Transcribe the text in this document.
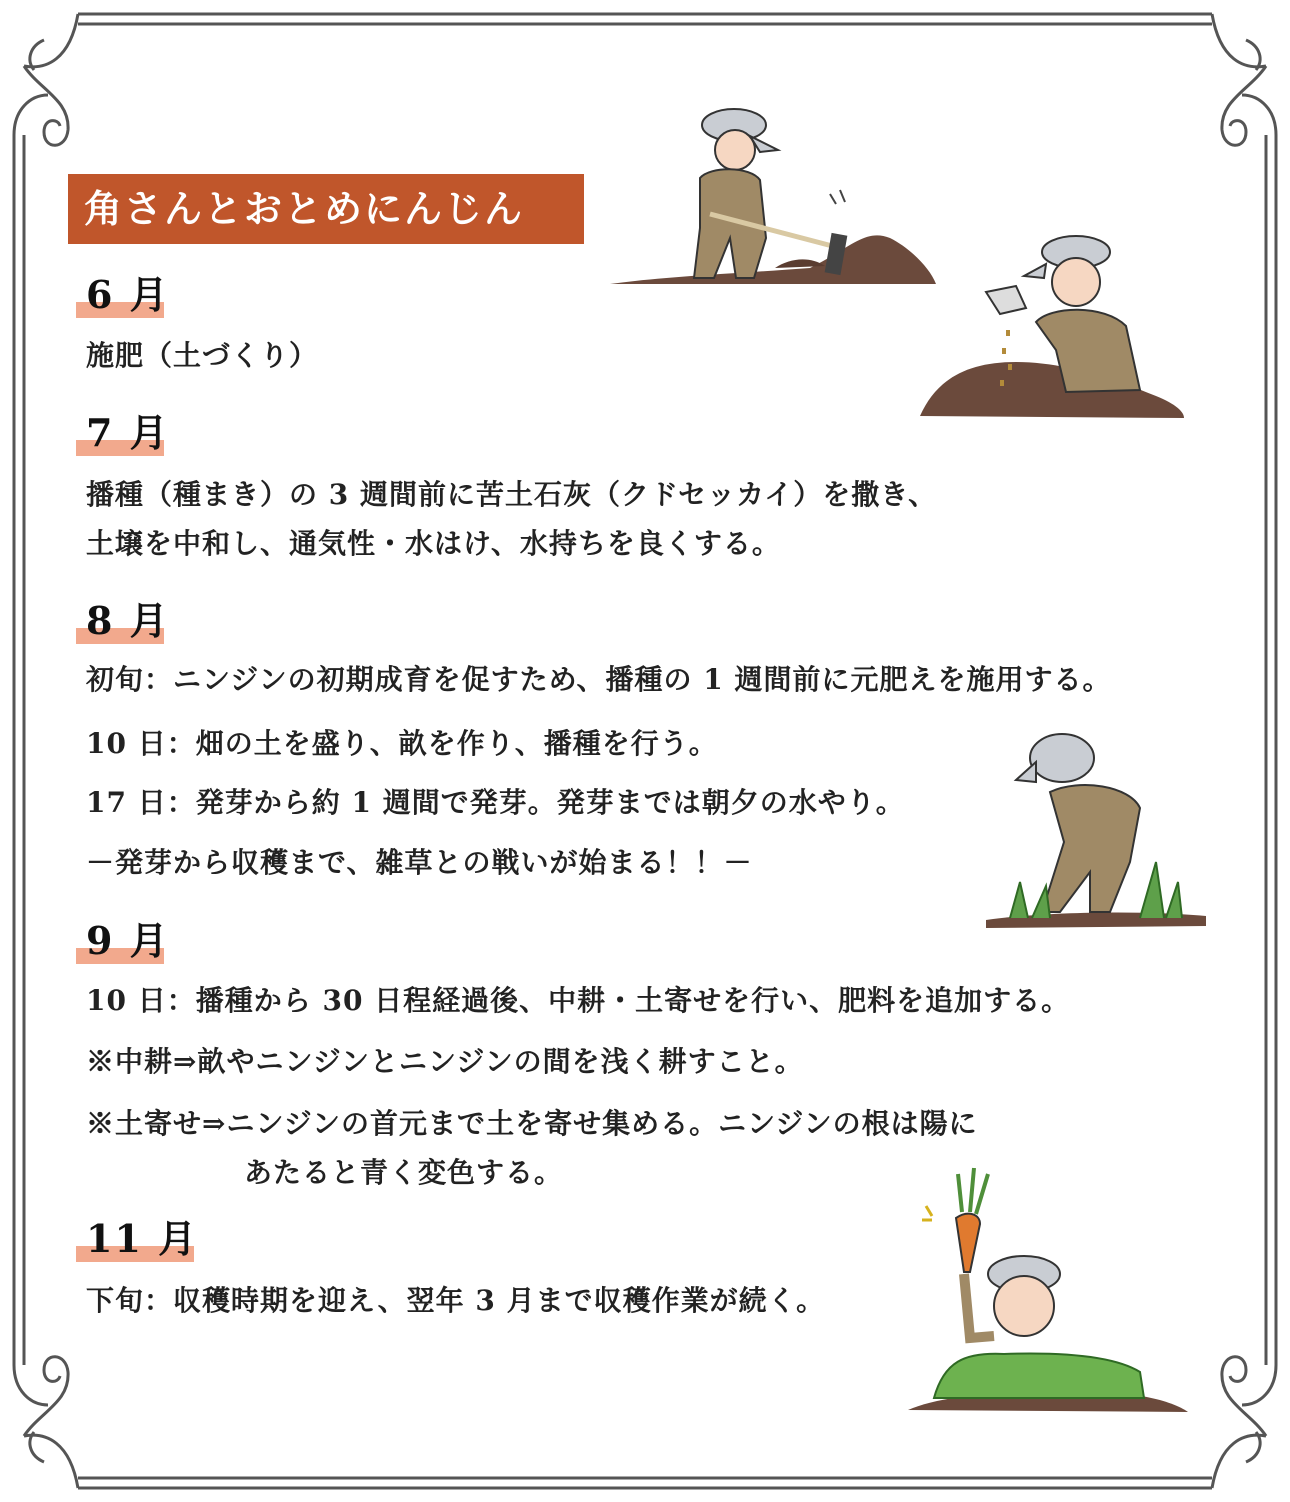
角さんとおとめにんじん
6 月
施肥（土づくり）
7 月
播種（種まき）の 3 週間前に苦土石灰（クドセッカイ）を撒き、
土壌を中和し、通気性・水はけ、水持ちを良くする。
8 月
初旬：ニンジンの初期成育を促すため、播種の 1 週間前に元肥えを施用する。
10 日：畑の土を盛り、畝を作り、播種を行う。
17 日：発芽から約 1 週間で発芽。発芽までは朝夕の水やり。
－発芽から収穫まで、雑草との戦いが始まる！！－
9 月
10 日：播種から 30 日程経過後、中耕・土寄せを行い、肥料を追加する。
※中耕⇒畝やニンジンとニンジンの間を浅く耕すこと。
※土寄せ⇒ニンジンの首元まで土を寄せ集める。ニンジンの根は陽に
あたると青く変色する。
11 月
下旬：収穫時期を迎え、翌年 3 月まで収穫作業が続く。
